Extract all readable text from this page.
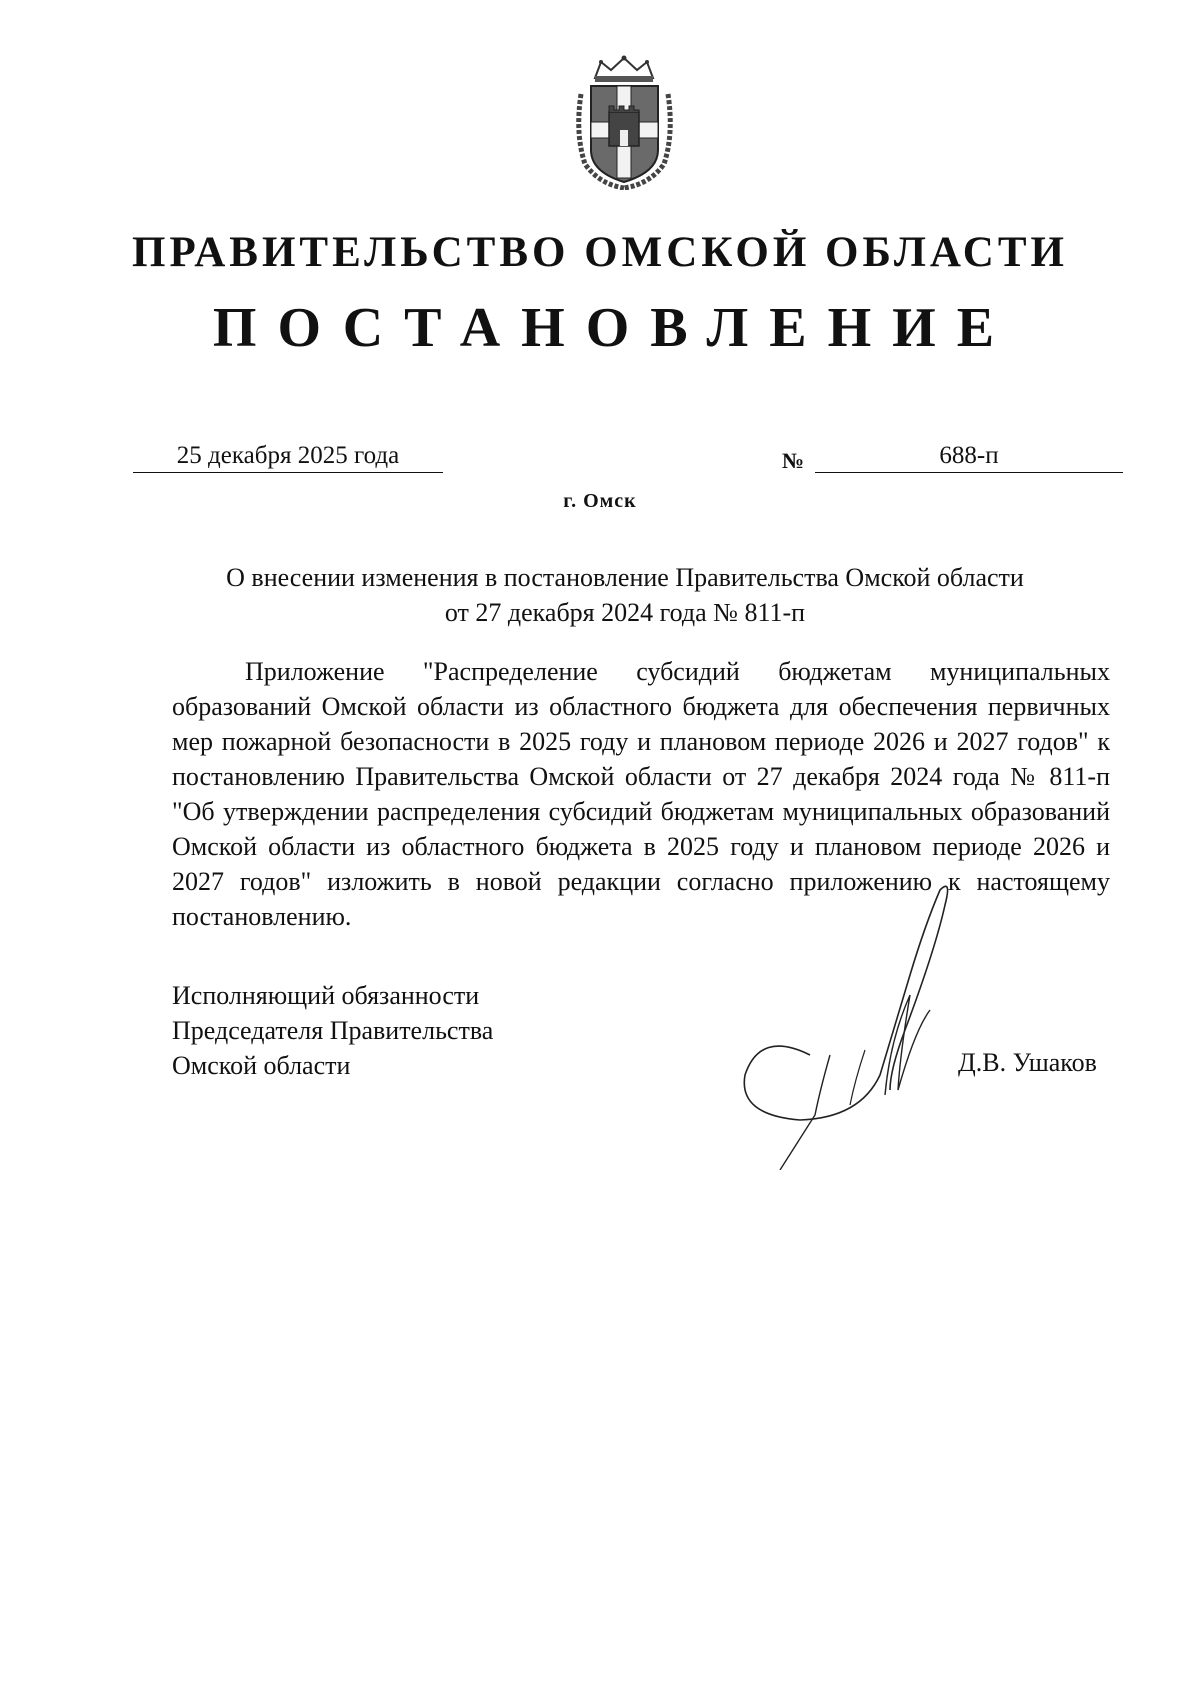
ПРАВИТЕЛЬСТВО ОМСКОЙ ОБЛАСТИ
ПОСТАНОВЛЕНИЕ
25 декабря 2025 года	№	688-п
г. Омск
О внесении изменения в постановление Правительства Омской области
от 27 декабря 2024 года № 811-п

Приложение "Распределение субсидий бюджетам муниципальных образований Омской области из областного бюджета для обеспечения первичных мер пожарной безопасности в 2025 году и плановом периоде 2026 и 2027 годов" к постановлению Правительства Омской области от 27 декабря 2024 года № 811-п "Об утверждении распределения субсидий бюджетам муниципальных образований Омской области из областного бюджета в 2025 году и плановом периоде 2026 и 2027 годов" изложить в новой редакции согласно приложению к настоящему постановлению.

Исполняющий обязанности
Председателя Правительства
Омской области	Д.В. Ушаков
